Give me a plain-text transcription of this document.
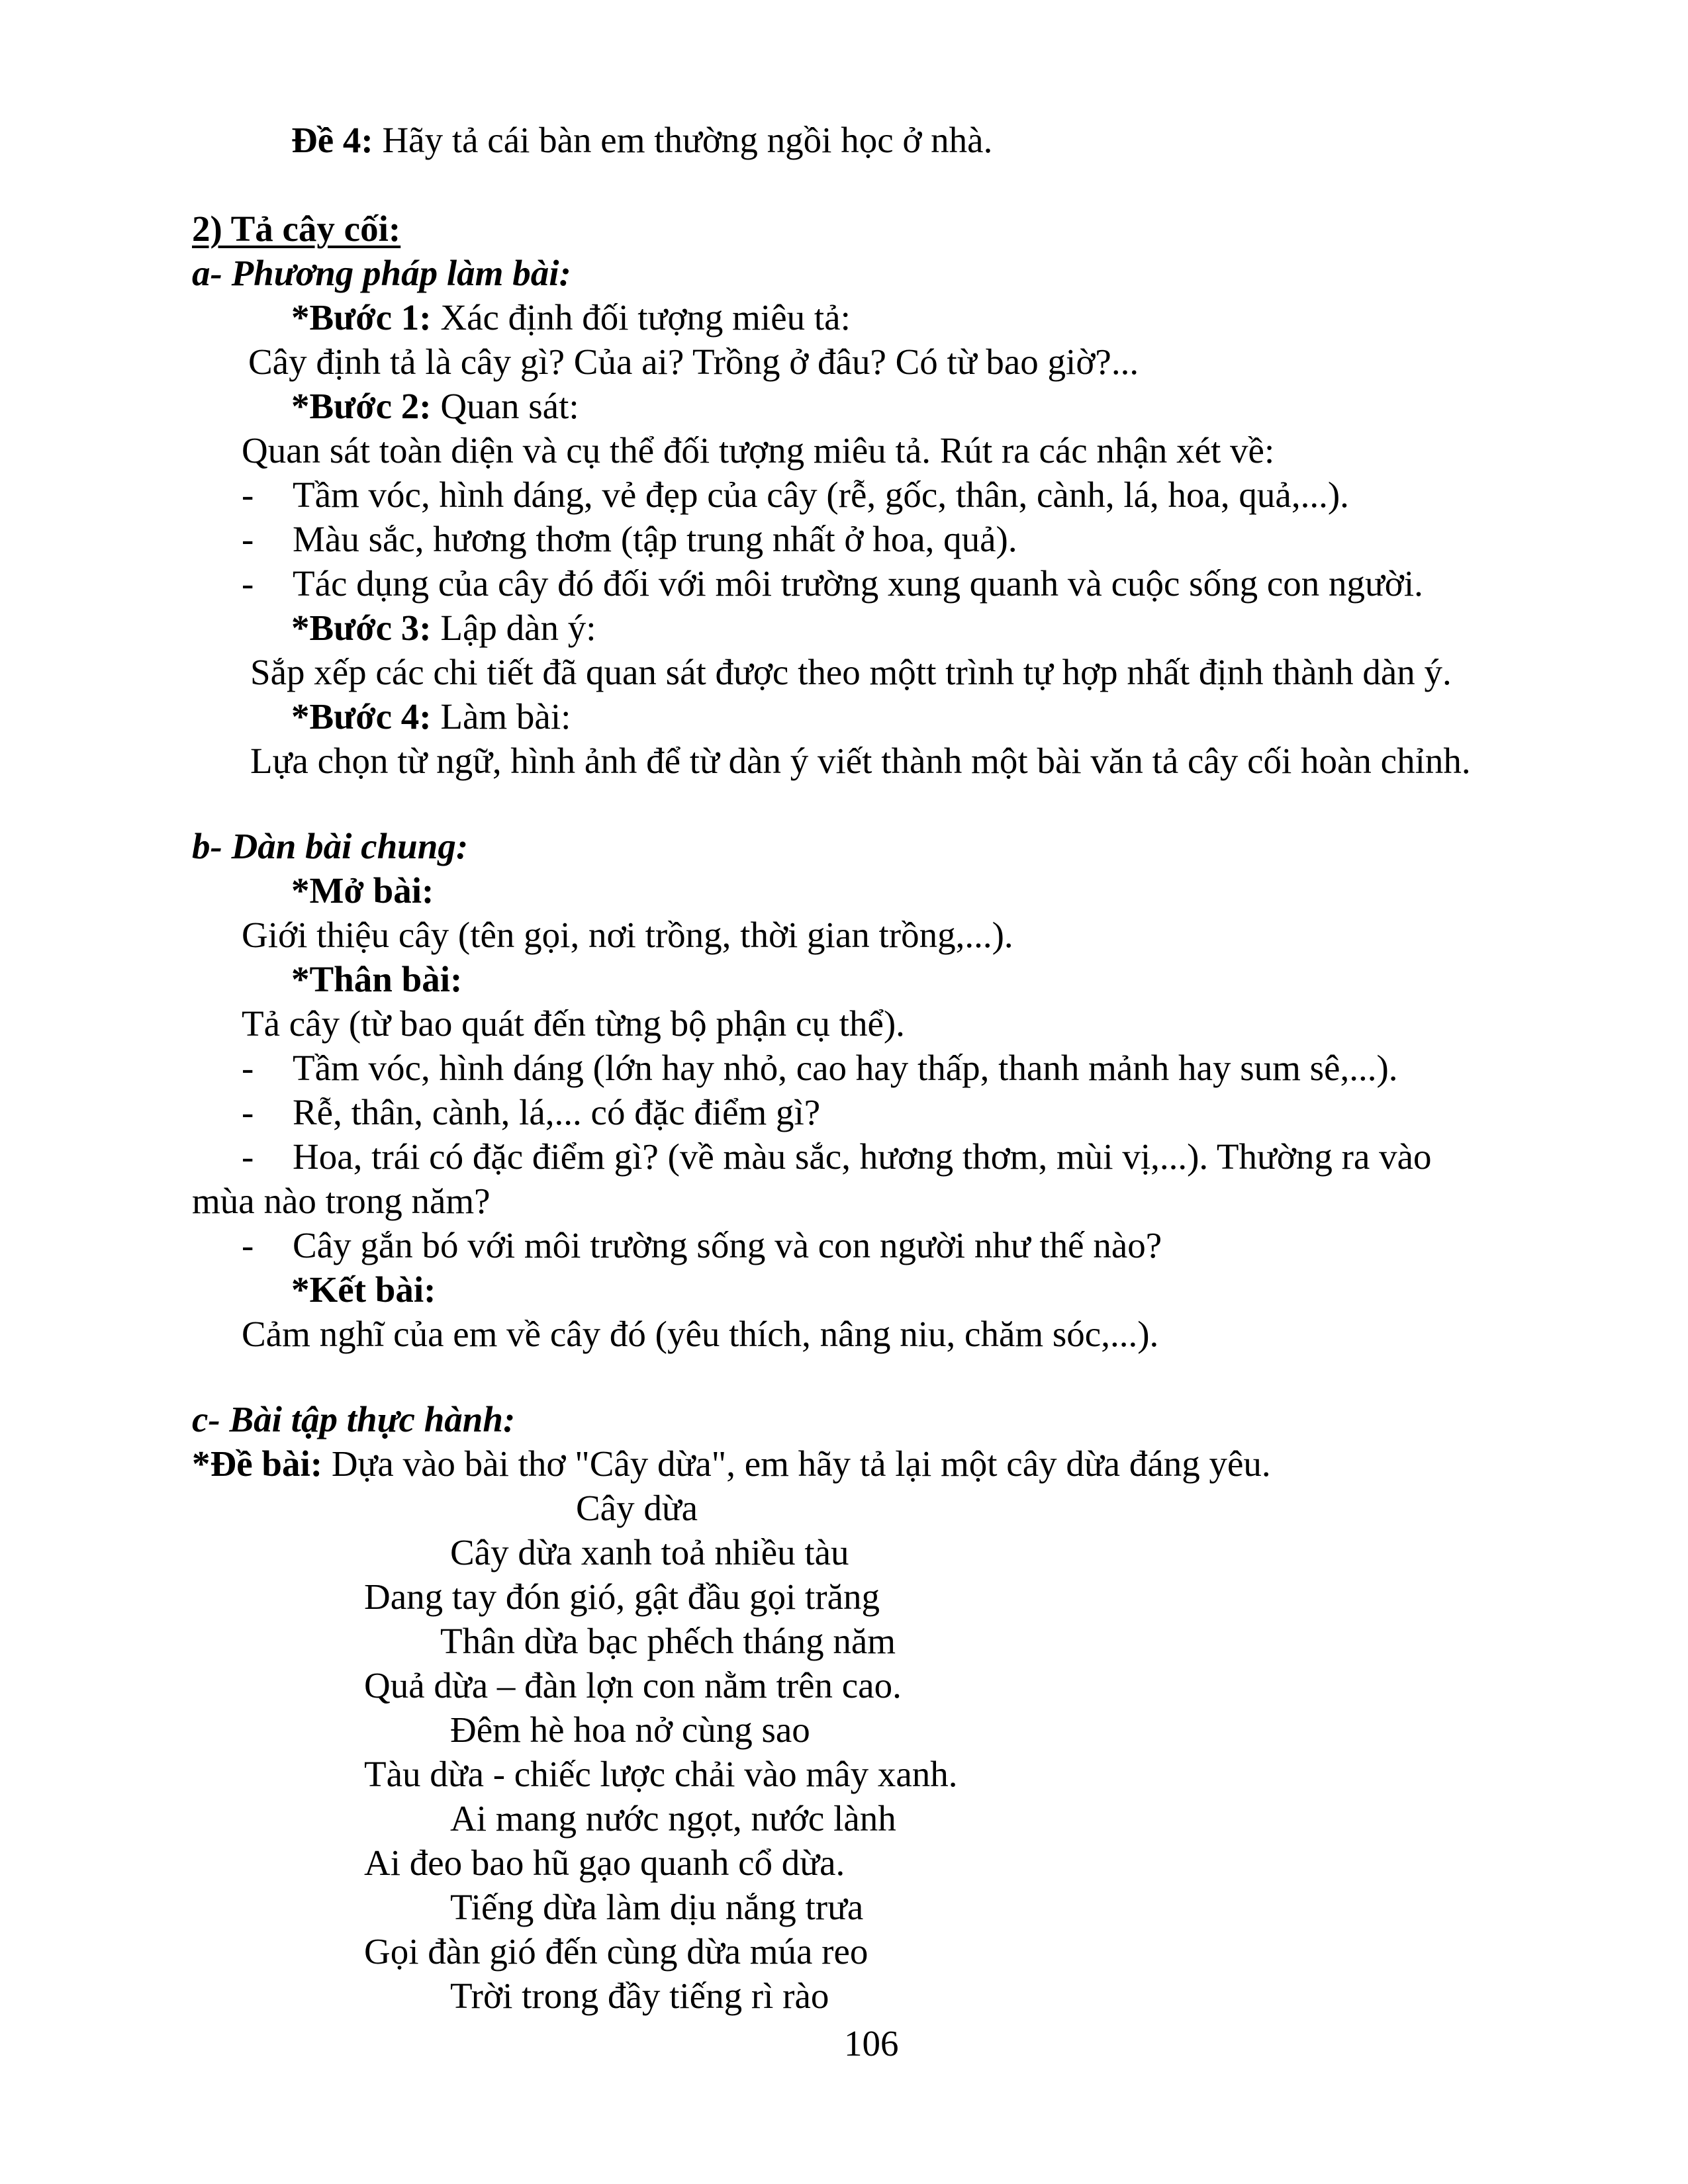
Đề 4: Hãy tả cái bàn em thường ngồi học ở nhà.
2) Tả cây cối:
a- Phương pháp làm bài:
*Bước 1: Xác định đối tượng miêu tả:
Cây định tả là cây gì? Của ai? Trồng ở đâu? Có từ bao giờ?...
*Bước 2: Quan sát:
Quan sát toàn diện và cụ thể đối tượng miêu tả. Rút ra các nhận xét về:
- Tầm vóc, hình dáng, vẻ đẹp của cây (rễ, gốc, thân, cành, lá, hoa, quả,...).
- Màu sắc, hương thơm (tập trung nhất ở hoa, quả).
- Tác dụng của cây đó đối với môi trường xung quanh và cuộc sống con người.
*Bước 3: Lập dàn ý:
Sắp xếp các chi tiết đã quan sát được theo mộtt trình tự hợp nhất định thành dàn ý.
*Bước 4: Làm bài:
Lựa chọn từ ngữ, hình ảnh để từ dàn ý viết thành một bài văn tả cây cối hoàn chỉnh.
b- Dàn bài chung:
*Mở bài:
Giới thiệu cây (tên gọi, nơi trồng, thời gian trồng,...).
*Thân bài:
Tả cây (từ bao quát đến từng bộ phận cụ thể).
- Tầm vóc, hình dáng (lớn hay nhỏ, cao hay thấp, thanh mảnh hay sum sê,...).
- Rễ, thân, cành, lá,... có đặc điểm gì?
- Hoa, trái có đặc điểm gì? (về màu sắc, hương thơm, mùi vị,...). Thường ra vào
mùa nào trong năm?
- Cây gắn bó với môi trường sống và con người như thế nào?
*Kết bài:
Cảm nghĩ của em về cây đó (yêu thích, nâng niu, chăm sóc,...).
c- Bài tập thực hành:
*Đề bài: Dựa vào bài thơ "Cây dừa", em hãy tả lại một cây dừa đáng yêu.
Cây dừa
Cây dừa xanh toả nhiều tàu
Dang tay đón gió, gật đầu gọi trăng
Thân dừa bạc phếch tháng năm
Quả dừa – đàn lợn con nằm trên cao.
Đêm hè hoa nở cùng sao
Tàu dừa - chiếc lược chải vào mây xanh.
Ai mang nước ngọt, nước lành
Ai đeo bao hũ gạo quanh cổ dừa.
Tiếng dừa làm dịu nắng trưa
Gọi đàn gió đến cùng dừa múa reo
Trời trong đầy tiếng rì rào
106
